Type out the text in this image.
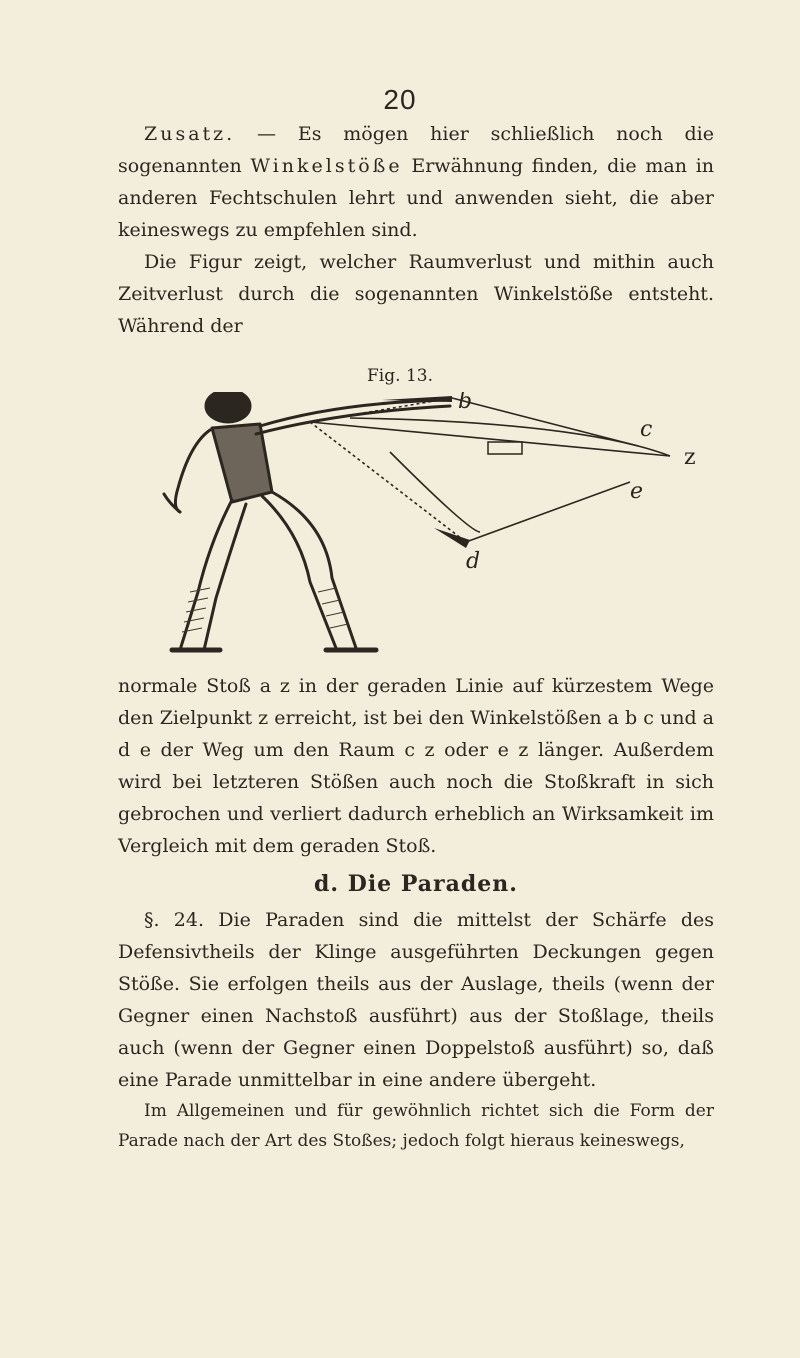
20

Zusatz. — Es mögen hier schließlich noch die sogenannten Winkelstöße Erwähnung finden, die man in anderen Fechtschulen lehrt und anwenden sieht, die aber keineswegs zu empfehlen sind.

Die Figur zeigt, welcher Raumverlust und mithin auch Zeitverlust durch die sogenannten Winkelstöße entsteht. Während der

Fig. 13.
b
c
z
e
d

normale Stoß a z in der geraden Linie auf kürzestem Wege den Zielpunkt z erreicht, ist bei den Winkelstößen a b c und a d e der Weg um den Raum c z oder e z länger. Außerdem wird bei letzteren Stößen auch noch die Stoßkraft in sich gebrochen und verliert dadurch erheblich an Wirksamkeit im Vergleich mit dem geraden Stoß.

d. Die Paraden.

§. 24. Die Paraden sind die mittelst der Schärfe des Defensivtheils der Klinge ausgeführten Deckungen gegen Stöße. Sie erfolgen theils aus der Auslage, theils (wenn der Gegner einen Nachstoß ausführt) aus der Stoßlage, theils auch (wenn der Gegner einen Doppelstoß ausführt) so, daß eine Parade unmittelbar in eine andere übergeht.

Im Allgemeinen und für gewöhnlich richtet sich die Form der Parade nach der Art des Stoßes; jedoch folgt hieraus keineswegs,
